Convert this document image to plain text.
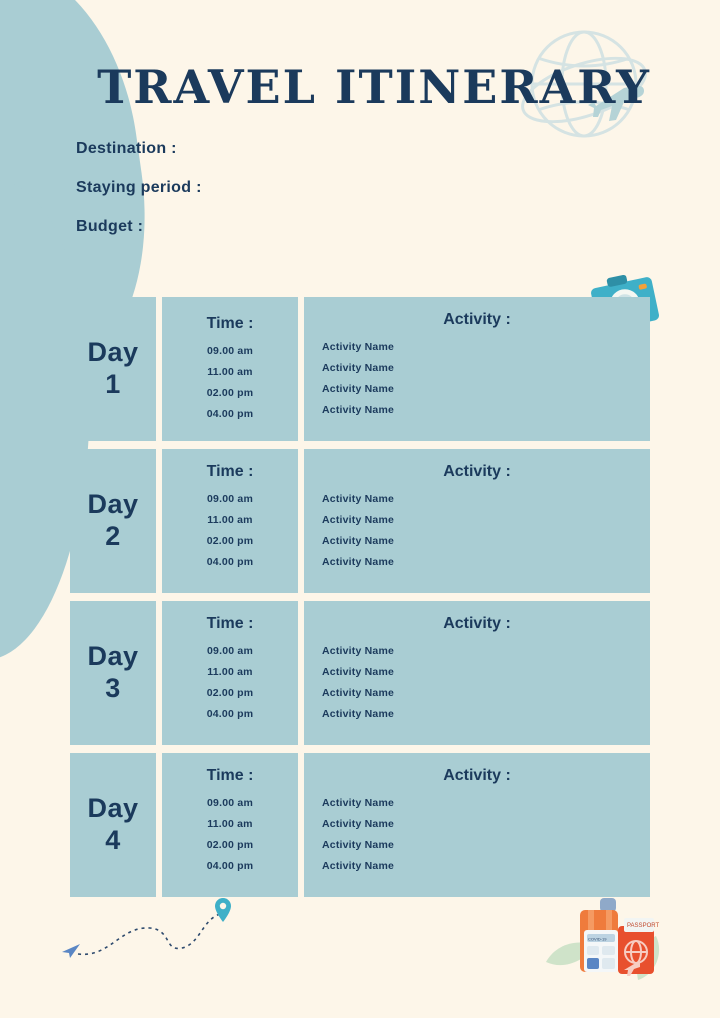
TRAVEL ITINERARY
Destination :
Staying period :
Budget :
Day
1
Time :
09.00 am
11.00 am
02.00 pm
04.00 pm
Activity :
Activity Name
Activity Name
Activity Name
Activity Name
Day
2
Time :
09.00 am
11.00 am
02.00 pm
04.00 pm
Activity :
Activity Name
Activity Name
Activity Name
Activity Name
Day
3
Time :
09.00 am
11.00 am
02.00 pm
04.00 pm
Activity :
Activity Name
Activity Name
Activity Name
Activity Name
Day
4
Time :
09.00 am
11.00 am
02.00 pm
04.00 pm
Activity :
Activity Name
Activity Name
Activity Name
Activity Name
COVID-19
PASSPORT
